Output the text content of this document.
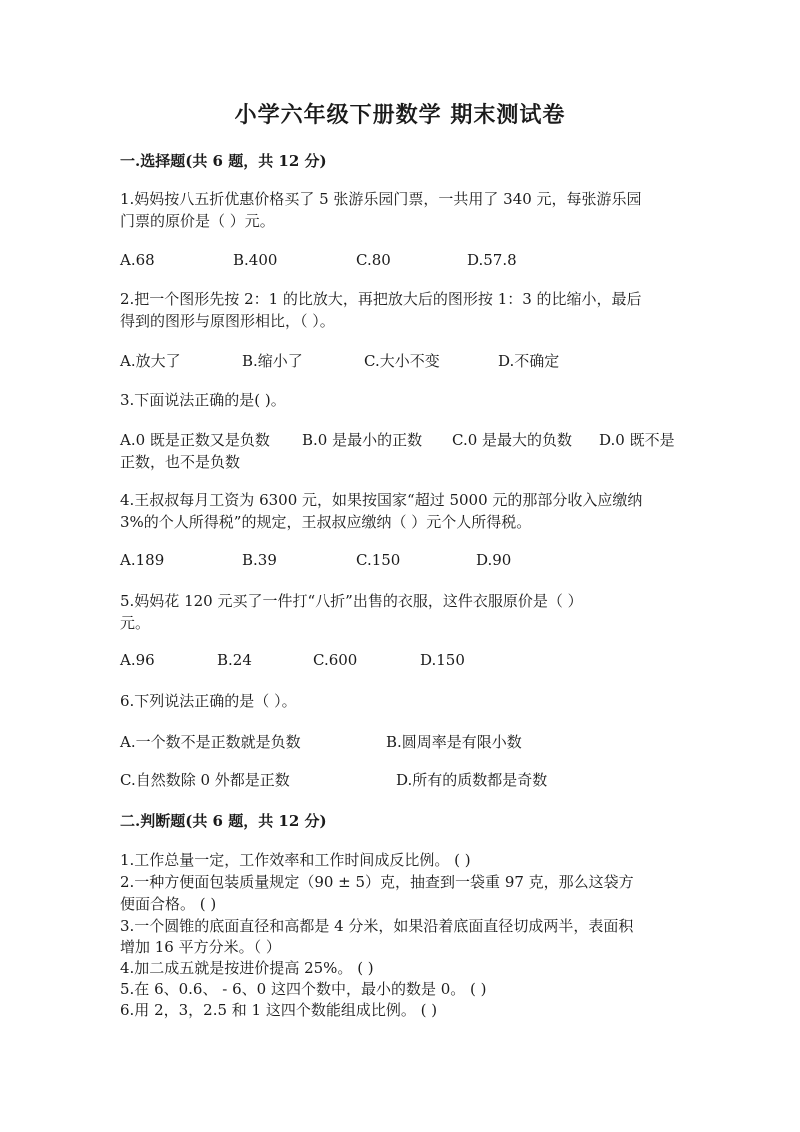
小学六年级下册数学 期末测试卷
一.选择题(共 6 题，共 12 分)
1.妈妈按八五折优惠价格买了 5 张游乐园门票，一共用了 340 元，每张游乐园
门票的原价是（ ）元。
A.68	B.400	C.80	D.57.8
2.把一个图形先按 2：1 的比放大，再把放大后的图形按 1：3 的比缩小，最后
得到的图形与原图形相比，（ ）。
A.放大了	B.缩小了	C.大小不变	D.不确定
3.下面说法正确的是( )。
A.0 既是正数又是负数 B.0 是最小的正数 C.0 是最大的负数 D.0 既不是
正数，也不是负数
4.王叔叔每月工资为 6300 元，如果按国家“超过 5000 元的那部分收入应缴纳
3%的个人所得税”的规定，王叔叔应缴纳（ ）元个人所得税。
A.189	B.39	C.150	D.90
5.妈妈花 120 元买了一件打“八折”出售的衣服，这件衣服原价是（ ）
元。
A.96	B.24	C.600	D.150
6.下列说法正确的是（ ）。
A.一个数不是正数就是负数	B.圆周率是有限小数
C.自然数除 0 外都是正数	D.所有的质数都是奇数
二.判断题(共 6 题，共 12 分)
1.工作总量一定，工作效率和工作时间成反比例。 ( )
2.一种方便面包装质量规定（90 ± 5）克，抽查到一袋重 97 克，那么这袋方
便面合格。 ( )
3.一个圆锥的底面直径和高都是 4 分米，如果沿着底面直径切成两半，表面积
增加 16 平方分米。（ ）
4.加二成五就是按进价提高 25%。 ( )
5.在 6、0.6、 - 6、0 这四个数中，最小的数是 0。 ( )
6.用 2，3，2.5 和 1 这四个数能组成比例。 ( )
